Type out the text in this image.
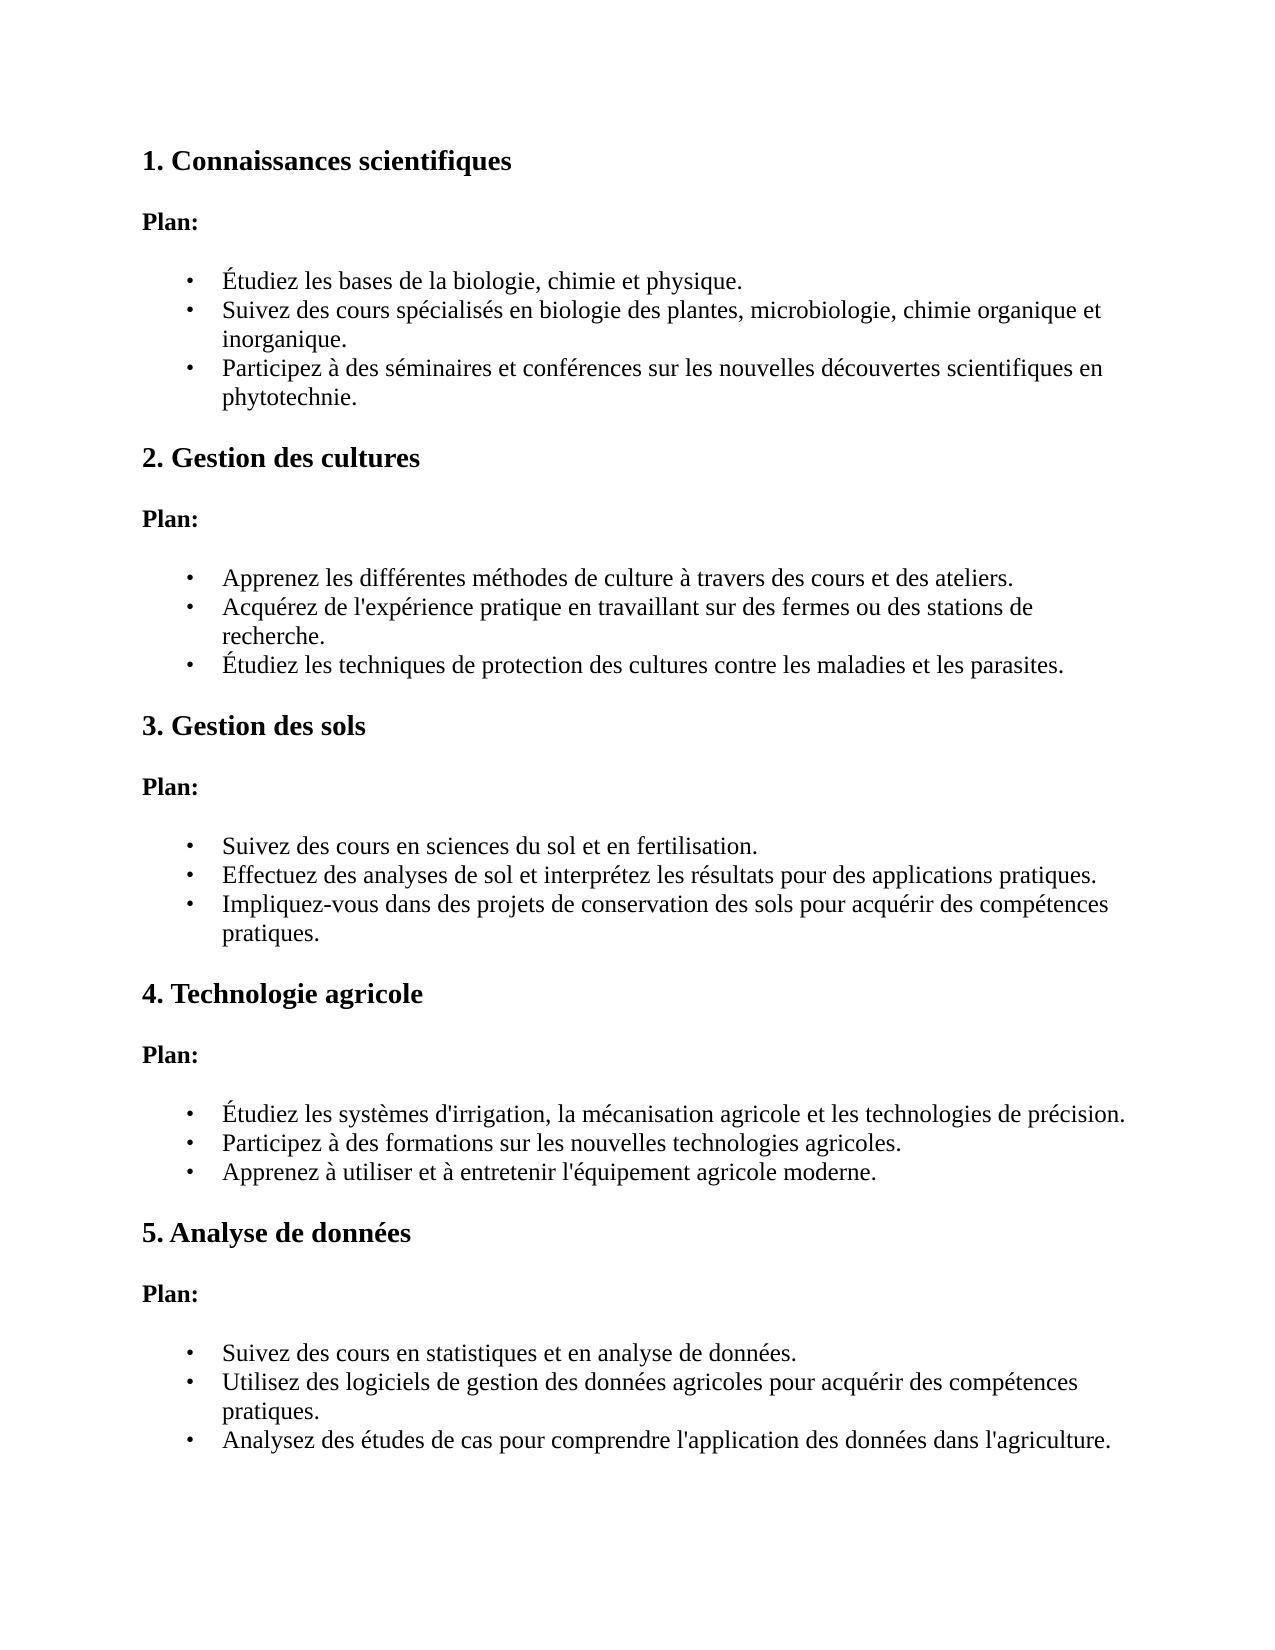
1. Connaissances scientifiques

Plan:

• Étudiez les bases de la biologie, chimie et physique.
• Suivez des cours spécialisés en biologie des plantes, microbiologie, chimie organique et inorganique.
• Participez à des séminaires et conférences sur les nouvelles découvertes scientifiques en phytotechnie.
2. Gestion des cultures

Plan:

• Apprenez les différentes méthodes de culture à travers des cours et des ateliers.
• Acquérez de l'expérience pratique en travaillant sur des fermes ou des stations de recherche.
• Étudiez les techniques de protection des cultures contre les maladies et les parasites.
3. Gestion des sols

Plan:

• Suivez des cours en sciences du sol et en fertilisation.
• Effectuez des analyses de sol et interprétez les résultats pour des applications pratiques.
• Impliquez-vous dans des projets de conservation des sols pour acquérir des compétences pratiques.
4. Technologie agricole

Plan:

• Étudiez les systèmes d'irrigation, la mécanisation agricole et les technologies de précision.
• Participez à des formations sur les nouvelles technologies agricoles.
• Apprenez à utiliser et à entretenir l'équipement agricole moderne.
5. Analyse de données

Plan:

• Suivez des cours en statistiques et en analyse de données.
• Utilisez des logiciels de gestion des données agricoles pour acquérir des compétences pratiques.
• Analysez des études de cas pour comprendre l'application des données dans l'agriculture.
